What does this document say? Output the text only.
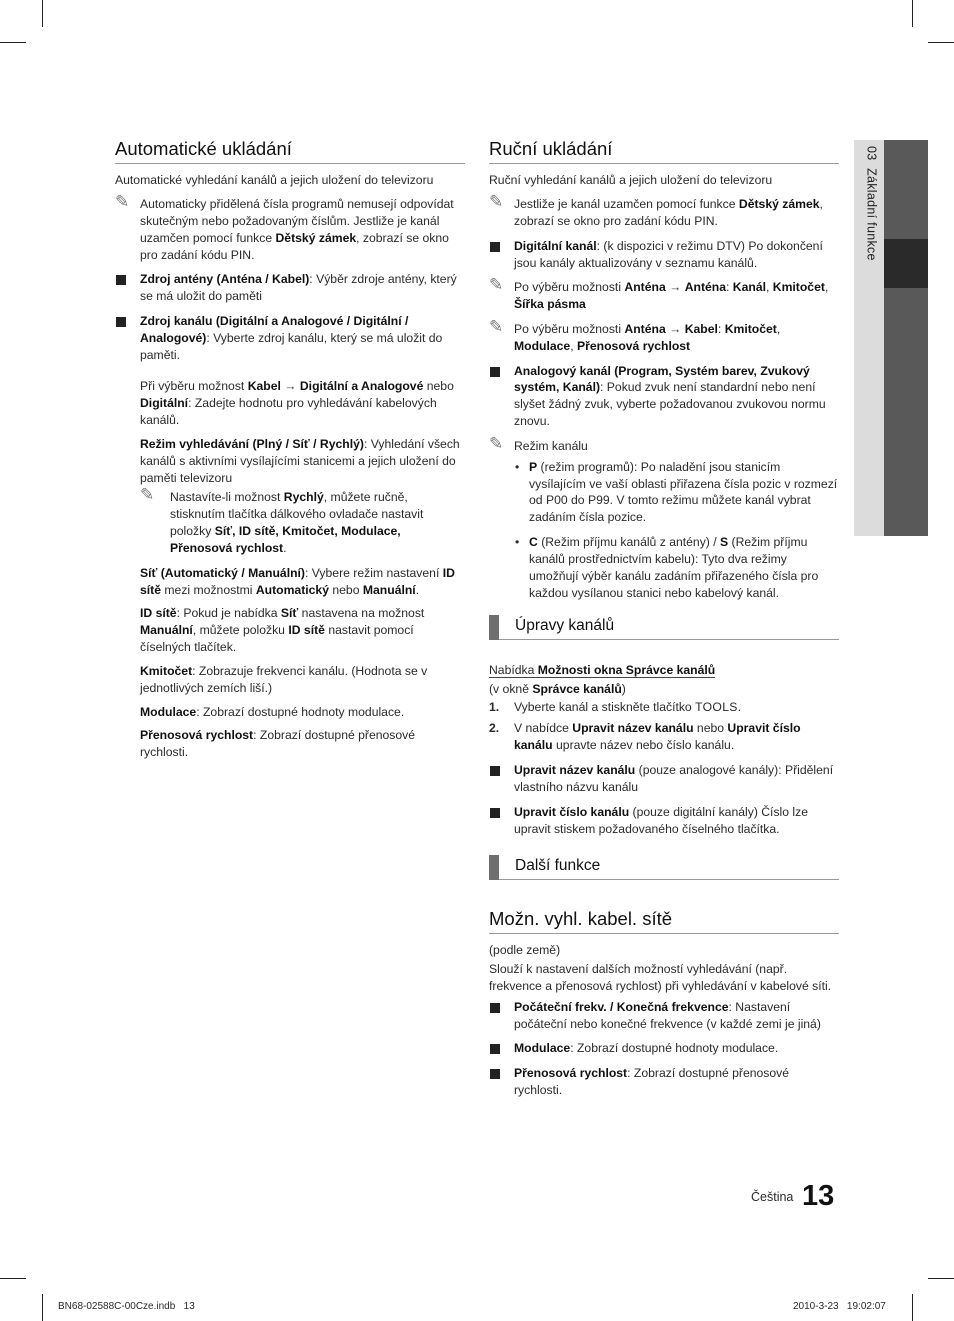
03  Základní funkce
Automatické ukládání
Automatické vyhledání kanálů a jejich uložení do televizoru
✎ Automaticky přidělená čísla programů nemusejí odpovídat skutečným nebo požadovaným číslům. Jestliže je kanál uzamčen pomocí funkce Dětský zámek, zobrazí se okno pro zadání kódu PIN.
Zdroj antény (Anténa / Kabel): Výběr zdroje antény, který se má uložit do paměti
Zdroj kanálu (Digitální a Analogové / Digitální / Analogové): Vyberte zdroj kanálu, který se má uložit do paměti.
Při výběru možnost Kabel → Digitální a Analogové nebo Digitální: Zadejte hodnotu pro vyhledávání kabelových kanálů.
Režim vyhledávání (Plný / Síť / Rychlý): Vyhledání všech kanálů s aktivními vysílajícími stanicemi a jejich uložení do paměti televizoru
✎ Nastavíte-li možnost Rychlý, můžete ručně, stisknutím tlačítka dálkového ovladače nastavit položky Síť, ID sítě, Kmitočet, Modulace, Přenosová rychlost.
Síť (Automatický / Manuální): Vybere režim nastavení ID sítě mezi možnostmi Automatický nebo Manuální.
ID sítě: Pokud je nabídka Síť nastavena na možnost Manuální, můžete položku ID sítě nastavit pomocí číselných tlačítek.
Kmitočet: Zobrazuje frekvenci kanálu. (Hodnota se v jednotlivých zemích liší.)
Modulace: Zobrazí dostupné hodnoty modulace.
Přenosová rychlost: Zobrazí dostupné přenosové rychlosti.
Ruční ukládání
Ruční vyhledání kanálů a jejich uložení do televizoru
✎ Jestliže je kanál uzamčen pomocí funkce Dětský zámek, zobrazí se okno pro zadání kódu PIN.
Digitální kanál: (k dispozici v režimu DTV) Po dokončení jsou kanály aktualizovány v seznamu kanálů.
✎ Po výběru možnosti Anténa → Anténa: Kanál, Kmitočet, Šířka pásma
✎ Po výběru možnosti Anténa → Kabel: Kmitočet, Modulace, Přenosová rychlost
Analogový kanál (Program, Systém barev, Zvukový systém, Kanál): Pokud zvuk není standardní nebo není slyšet žádný zvuk, vyberte požadovanou zvukovou normu znovu.
✎ Režim kanálu
• P (režim programů): Po naladění jsou stanicím vysílajícím ve vaší oblasti přiřazena čísla pozic v rozmezí od P00 do P99. V tomto režimu můžete kanál vybrat zadáním čísla pozice.
• C (Režim příjmu kanálů z antény) / S (Režim příjmu kanálů prostřednictvím kabelu): Tyto dva režimy umožňují výběr kanálu zadáním přiřazeného čísla pro každou vysílanou stanici nebo kabelový kanál.
Úpravy kanálů
Nabídka Možnosti okna Správce kanálů
(v okně Správce kanálů)
1. Vyberte kanál a stiskněte tlačítko TOOLS.
2. V nabídce Upravit název kanálu nebo Upravit číslo kanálu upravte název nebo číslo kanálu.
Upravit název kanálu (pouze analogové kanály): Přidělení vlastního názvu kanálu
Upravit číslo kanálu (pouze digitální kanály) Číslo lze upravit stiskem požadovaného číselného tlačítka.
Další funkce
Možn. vyhl. kabel. sítě
(podle země)
Slouží k nastavení dalších možností vyhledávání (např. frekvence a přenosová rychlost) při vyhledávání v kabelové síti.
Počáteční frekv. / Konečná frekvence: Nastavení počáteční nebo konečné frekvence (v každé zemi je jiná)
Modulace: Zobrazí dostupné hodnoty modulace.
Přenosová rychlost: Zobrazí dostupné přenosové rychlosti.
Čeština 13
BN68-02588C-00Cze.indb   13	2010-3-23   19:02:07
